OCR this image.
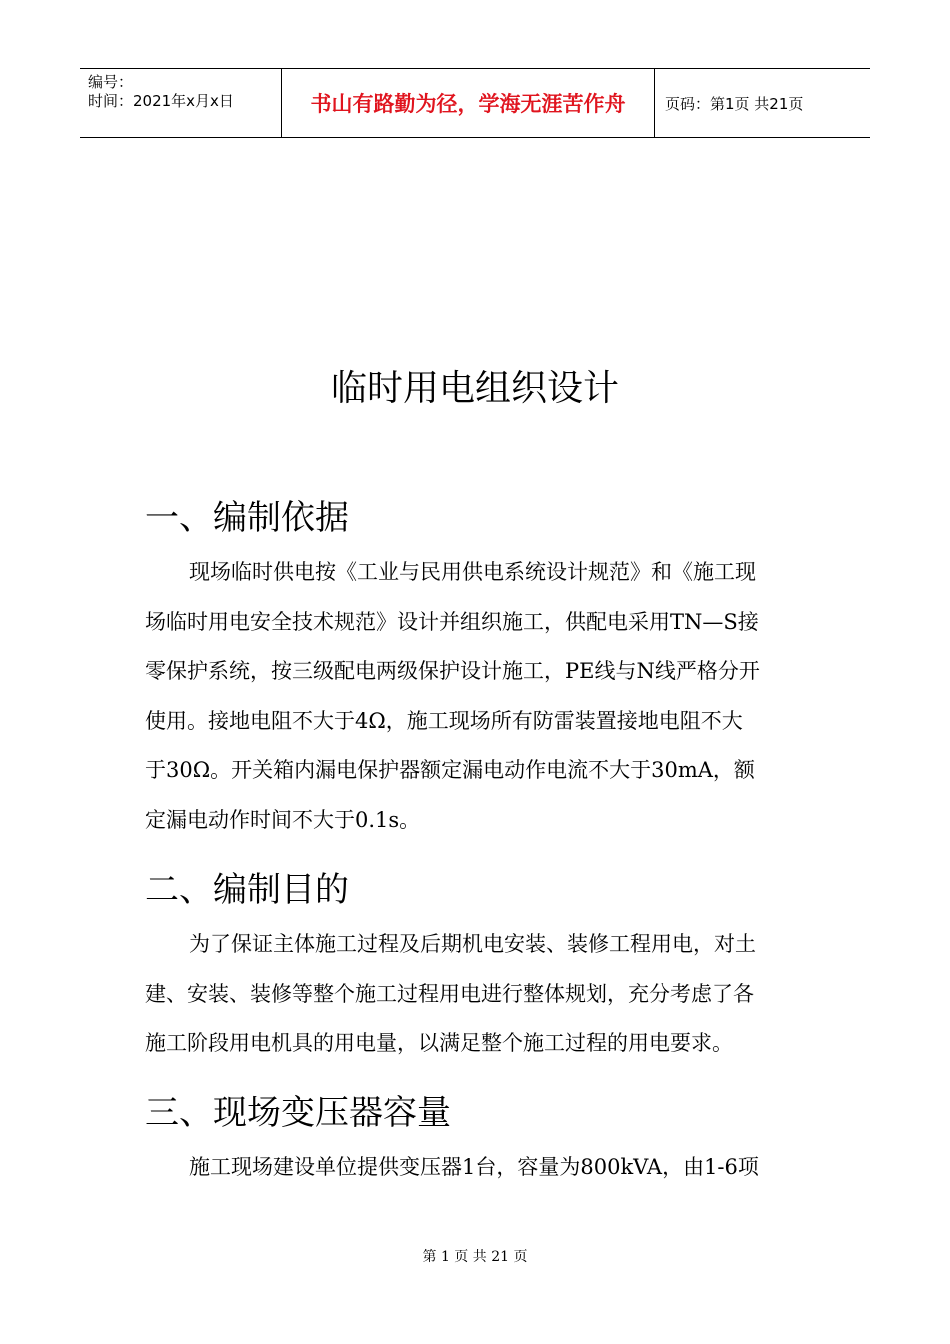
编号：
时间：2021年x月x日	书山有路勤为径，学海无涯苦作舟	页码：第1页 共21页
临时用电组织设计
一、编制依据
现场临时供电按《工业与民用供电系统设计规范》和《施工现
场临时用电安全技术规范》设计并组织施工，供配电采用TN—S接
零保护系统，按三级配电两级保护设计施工，PE线与N线严格分开
使用。接地电阻不大于4Ω，施工现场所有防雷装置接地电阻不大
于30Ω。开关箱内漏电保护器额定漏电动作电流不大于30mA，额
定漏电动作时间不大于0.1s。
二、编制目的
为了保证主体施工过程及后期机电安装、装修工程用电，对土
建、安装、装修等整个施工过程用电进行整体规划，充分考虑了各
施工阶段用电机具的用电量，以满足整个施工过程的用电要求。
三、现场变压器容量
施工现场建设单位提供变压器1台，容量为800kVA，由1-6项
第 1 页 共 21 页
